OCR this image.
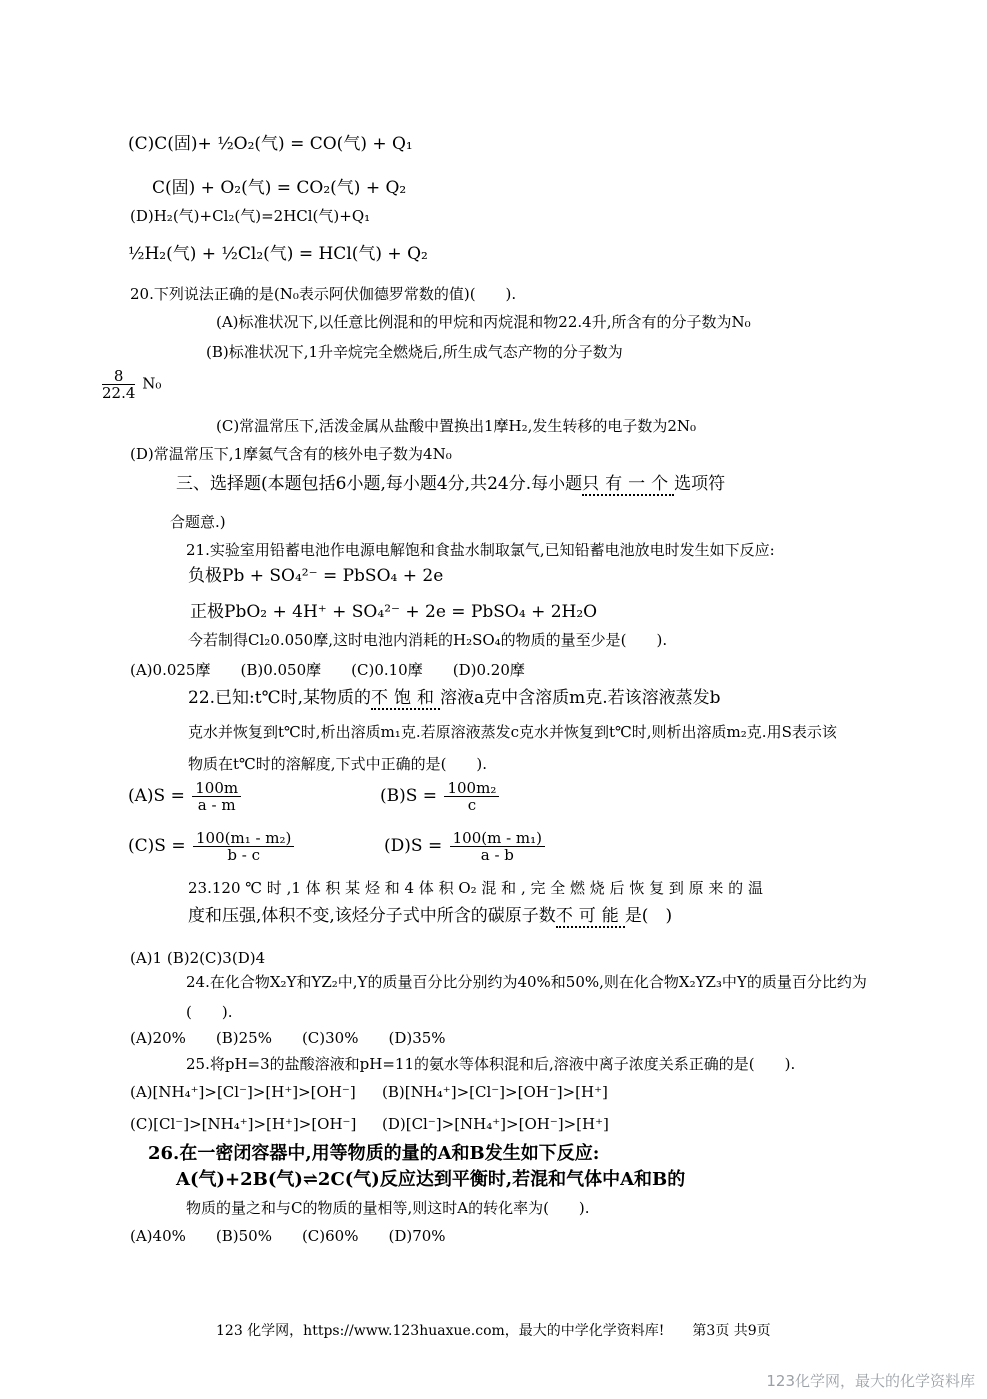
(C)C(固)+ ½O₂(气) = CO(气) + Q₁
C(固) + O₂(气) = CO₂(气) + Q₂
(D)H₂(气)+Cl₂(气)=2HCl(气)+Q₁
½H₂(气) + ½Cl₂(气) = HCl(气) + Q₂
20.下列说法正确的是(N₀表示阿伏伽德罗常数的值)(　　).
(A)标准状况下,以任意比例混和的甲烷和丙烷混和物22.4升,所含有的分子数为N₀
(B)标准状况下,1升辛烷完全燃烧后,所生成气态产物的分子数为
$\frac{8}{22.4} N_0$
(C)常温常压下,活泼金属从盐酸中置换出1摩H₂,发生转移的电子数为2N₀
(D)常温常压下,1摩氦气含有的核外电子数为4N₀
三、选择题(本题包括6小题,每小题4分,共24分.每小题只有一个选项符
合题意.)
21.实验室用铅蓄电池作电源电解饱和食盐水制取氯气,已知铅蓄电池放电时发生如下反应:
负极Pb + SO₄²⁻ = PbSO₄ + 2e
正极PbO₂ + 4H⁺ + SO₄²⁻ + 2e = PbSO₄ + 2H₂O
今若制得Cl₂0.050摩,这时电池内消耗的H₂SO₄的物质的量至少是(　　).
(A)0.025摩　　(B)0.050摩　　(C)0.10摩　　(D)0.20摩
22.已知:t℃时,某物质的不饱和溶液a克中含溶质m克.若该溶液蒸发b
克水并恢复到t℃时,析出溶质m₁克.若原溶液蒸发c克水并恢复到t℃时,则析出溶质m₂克.用S表示该
物质在t℃时的溶解度,下式中正确的是(　　).
$(A)S = \frac{100m}{a - m}$	$(B)S = \frac{\text{100m₂}}{c}$
$(C)S = \frac{\text{100(m₁ - m₂)}}{b - c}$	$(D)S = \frac{\text{100(m - m₁)}}{a - b}$
23.120 ℃ 时 ,1 体 积 某 烃 和 4 体 积 O₂ 混 和 , 完 全 燃 烧 后 恢 复 到 原 来 的 温
度和压强,体积不变,该烃分子式中所含的碳原子数不可能是(　)
(A)1 (B)2(C)3(D)4
24.在化合物X₂Y和YZ₂中,Y的质量百分比分别约为40%和50%,则在化合物X₂YZ₃中Y的质量百分比约为
(　　).
(A)20%　　(B)25%　　(C)30%　　(D)35%
25.将pH=3的盐酸溶液和pH=11的氨水等体积混和后,溶液中离子浓度关系正确的是(　　).
(A)[NH₄⁺]>[Cl⁻]>[H⁺]>[OH⁻] (B)[NH₄⁺]>[Cl⁻]>[OH⁻]>[H⁺]
(C)[Cl⁻]>[NH₄⁺]>[H⁺]>[OH⁻] (D)[Cl⁻]>[NH₄⁺]>[OH⁻]>[H⁺]
26.在一密闭容器中,用等物质的量的A和B发生如下反应:
A(气)+2B(气)⇌2C(气)反应达到平衡时,若混和气体中A和B的
物质的量之和与C的物质的量相等,则这时A的转化率为(　　).
(A)40%　　(B)50%　　(C)60%　　(D)70%
123 化学网，https://www.123huaxue.com，最大的中学化学资料库! 第3页 共9页
123化学网，最大的化学资料库
